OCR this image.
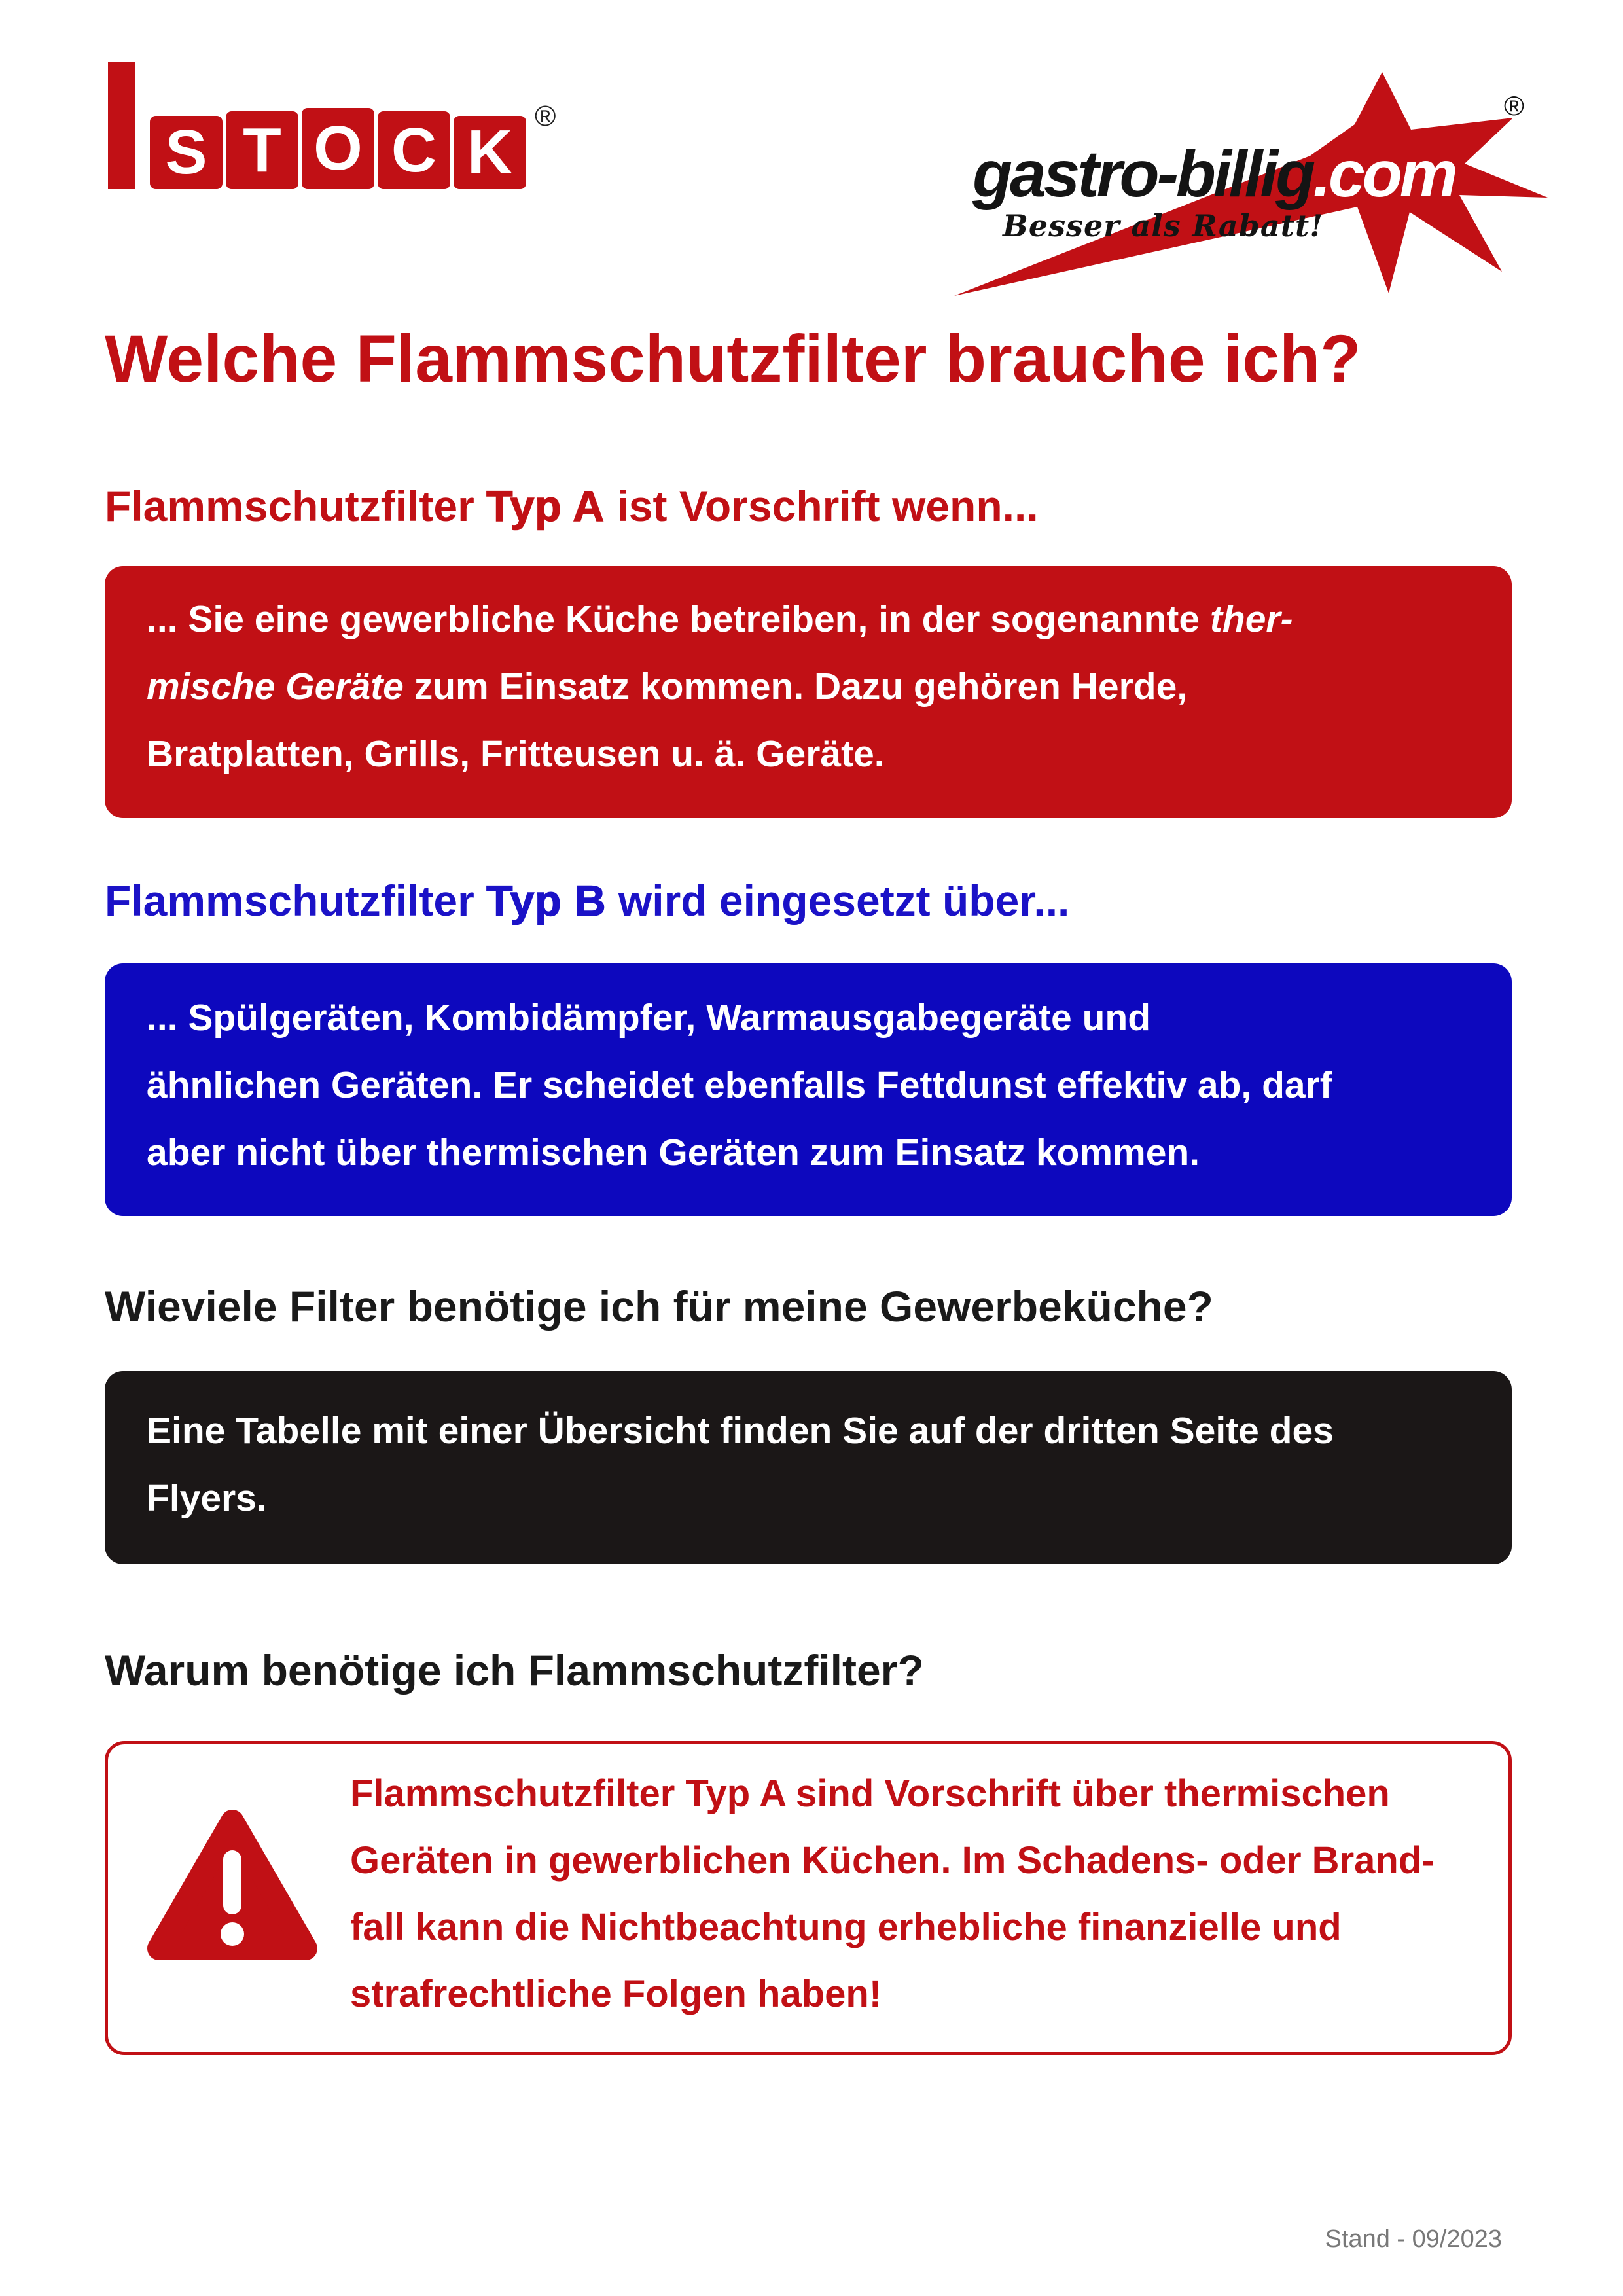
S T O C K
®
gastro-billig.com
Besser als Rabatt!
®
Welche Flammschutzfilter brauche ich?
Flammschutzfilter Typ A ist Vorschrift wenn...
... Sie eine gewerbliche Küche betreiben, in der sogenannte ther-
mische Geräte zum Einsatz kommen. Dazu gehören Herde,
Bratplatten, Grills, Fritteusen u. ä. Geräte.
Flammschutzfilter Typ B wird eingesetzt über...
... Spülgeräten, Kombidämpfer, Warmausgabegeräte und
ähnlichen Geräten. Er scheidet ebenfalls Fettdunst effektiv ab, darf
aber nicht über thermischen Geräten zum Einsatz kommen.
Wieviele Filter benötige ich für meine Gewerbeküche?
Eine Tabelle mit einer Übersicht finden Sie auf der dritten Seite des
Flyers.
Warum benötige ich Flammschutzfilter?
Flammschutzfilter Typ A sind Vorschrift über thermischen
Geräten in gewerblichen Küchen. Im Schadens- oder Brand-
fall kann die Nichtbeachtung erhebliche finanzielle und
strafrechtliche Folgen haben!
Stand - 09/2023
